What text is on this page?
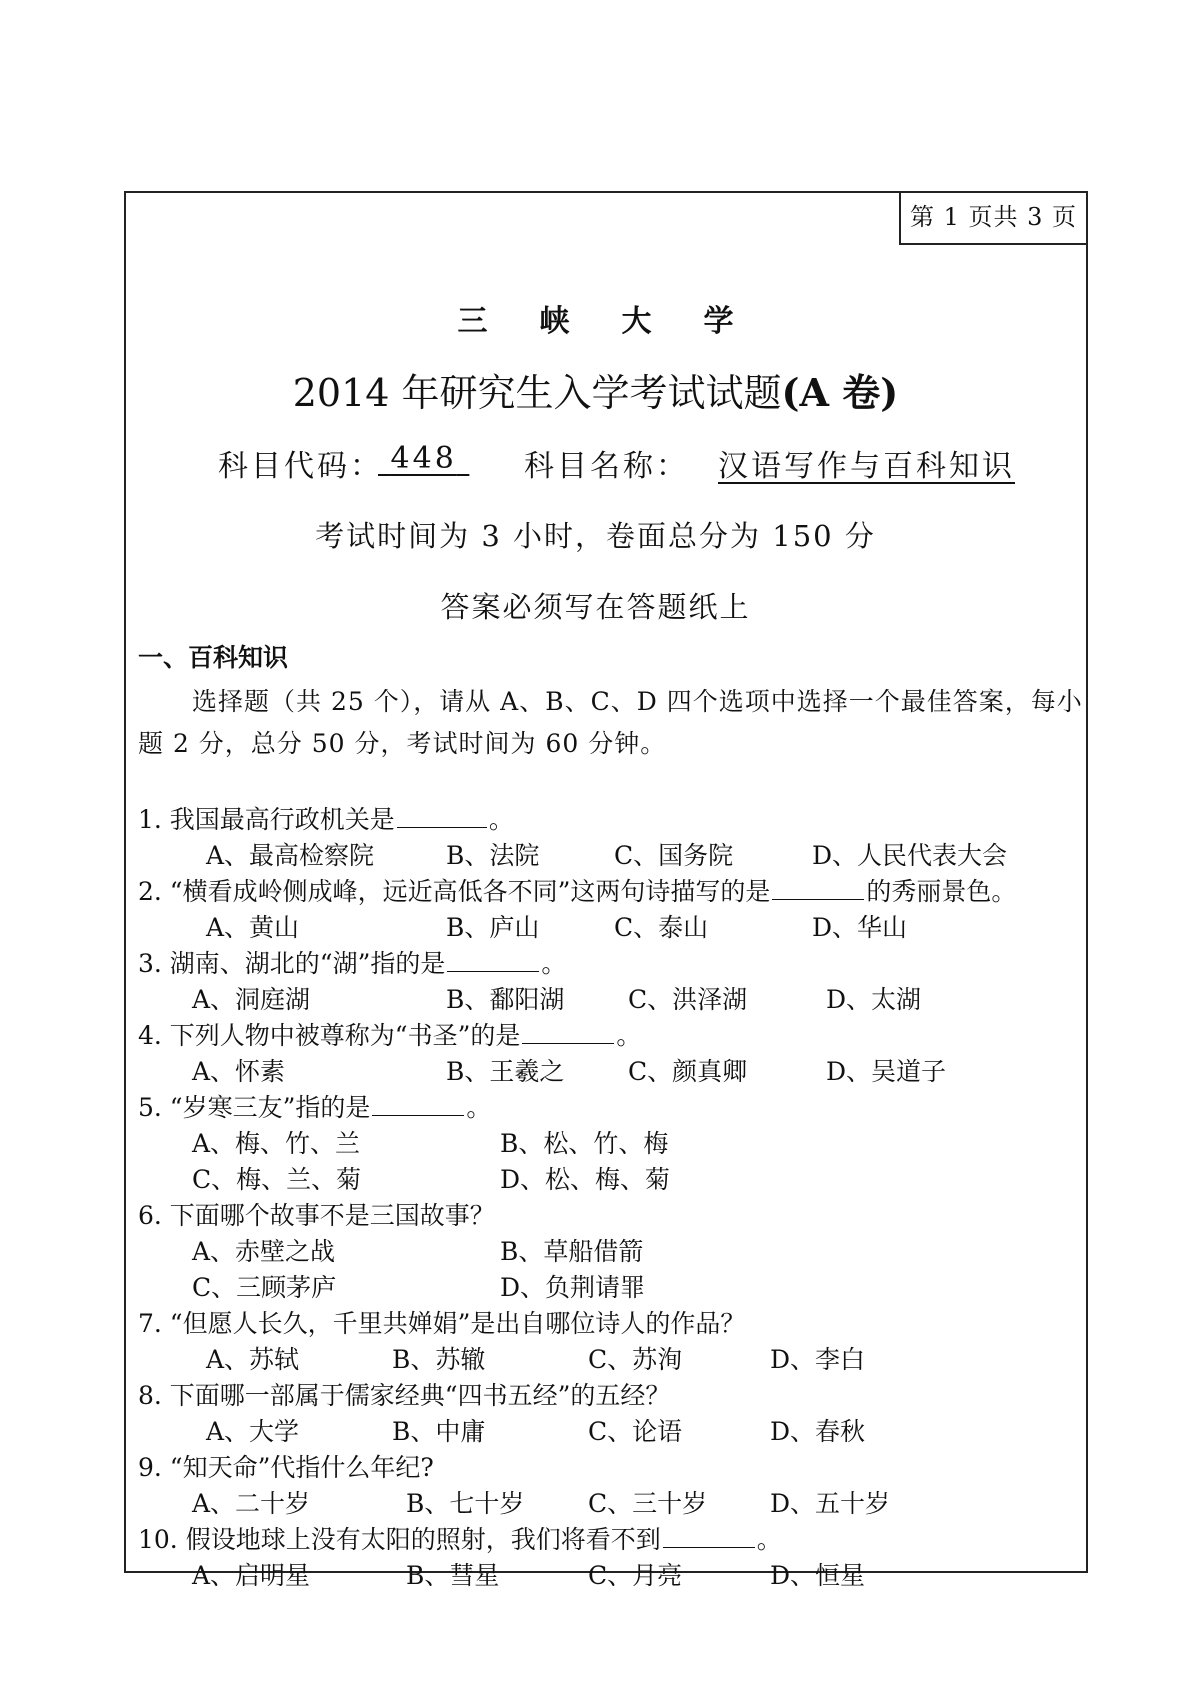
第 1 页共 3 页
三峡大学
2014 年研究生入学考试试题(A 卷)
科目代码： 448	科目名称： 汉语写作与百科知识
考试时间为 3 小时，卷面总分为 150 分
答案必须写在答题纸上
一、百科知识
选择题（共 25 个），请从 A、B、C、D 四个选项中选择一个最佳答案，每小
题 2 分，总分 50 分，考试时间为 60 分钟。
1. 我国最高行政机关是	。
A、最高检察院	B、法院	C、国务院	D、人民代表大会
2. “横看成岭侧成峰，远近高低各不同”这两句诗描写的是	的秀丽景色。
A、黄山	B、庐山	C、泰山	D、华山
3. 湖南、湖北的“湖”指的是	。
A、洞庭湖	B、鄱阳湖	C、洪泽湖	D、太湖
4. 下列人物中被尊称为“书圣”的是	。
A、怀素	B、王羲之	C、颜真卿	D、吴道子
5. “岁寒三友”指的是	。
A、梅、竹、兰	B、松、竹、梅
C、梅、兰、菊	D、松、梅、菊
6. 下面哪个故事不是三国故事？
A、赤壁之战	B、草船借箭
C、三顾茅庐	D、负荆请罪
7. “但愿人长久，千里共婵娟”是出自哪位诗人的作品？
A、苏轼	B、苏辙	C、苏洵	D、李白
8. 下面哪一部属于儒家经典“四书五经”的五经？
A、大学	B、中庸	C、论语	D、春秋
9. “知天命”代指什么年纪?
A、二十岁	B、七十岁	C、三十岁	D、五十岁
10. 假设地球上没有太阳的照射，我们将看不到	。
A、启明星	B、彗星	C、月亮	D、恒星
